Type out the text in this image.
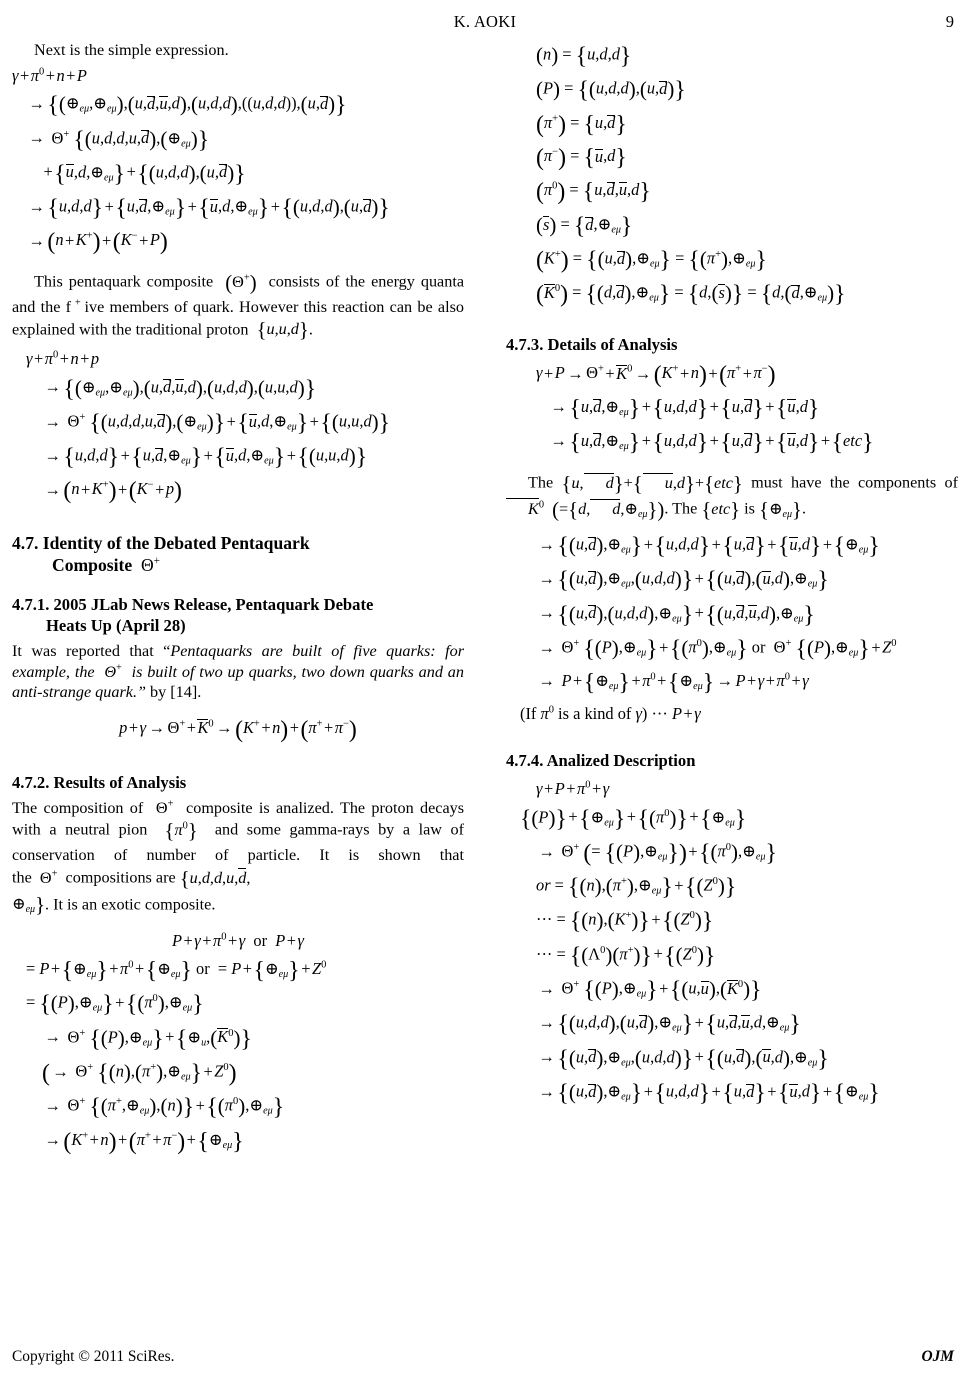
K. AOKI	9

Next is the simple expression.

$\gamma+\pi^0+n+P$
→ $\{(\oplus_{e\mu},\oplus_{e\mu}),(u,d,u,d),(u,d,d),((u,d,d)),(u,d)\}$
→ Θ+ $\{(u,d,d,u,d),(\oplus_{e\mu})\}$
$+\{u,d,\oplus_{e\mu}\}+\{(u,d,d),(u,d)\}$
→ $\{u,d,d\}+\{u,d,\oplus_{e\mu}\}+\{u,d,\oplus_{e\mu}\}+\{(u,d,d),(u,d)\}$
→ (n+K+)+(K−+P)

This pentaquark composite (Θ+) consists of the energy quanta and the f + ive members of quark. However this reaction can be also explained with the traditional proton {u,u,d}.

$\gamma+\pi^0+n+p$
→ $\{(\oplus_{e\mu},\oplus_{e\mu}),(u,d,u,d),(u,d,d),(u,u,d)\}$
→ Θ+ $\{(u,d,d,u,d),(\oplus_{e\mu})\}+\{u,d,\oplus_{e\mu}\}+\{(u,u,d)\}$
→ $\{u,d,d\}+\{u,d,\oplus_{e\mu}\}+\{u,d,\oplus_{e\mu}\}+\{(u,u,d)\}$
→ (n+K+)+(K−+p)
4.7. Identity of the Debated Pentaquark
Composite  Θ+
4.7.1. 2005 JLab News Release, Pentaquark Debate
Heats Up (April 28)

It was reported that “Pentaquarks are built of five quarks: for example, the  Θ+ is built of two up quarks, two down quarks and an anti-strange quark.” by [14].

$p+\gamma \to \Theta^++K^0 \to (K^++n)+(\pi^++\pi^-)$
4.7.2. Results of Analysis

The composition of  Θ+ composite is analized. The proton decays with a neutral pion $\{\pi^0\}$ and some gamma-rays by a law of conservation of number of particle. It is shown that the  Θ+ compositions are {u,d,d,u,d,
$\oplus_{e\mu}$}. It is an exotic composite.

$P+\gamma+\pi^0+\gamma$  or  P+γ
= $P+\{\oplus_{e\mu}\}+\pi^0+\{\oplus_{e\mu}\}$ or  = $P+\{\oplus_{e\mu}\}+Z^0$
= $\{(P),\oplus_{e\mu}\}+\{(\pi^0),\oplus_{e\mu}\}$
→ Θ+ $\{(P),\oplus_{e\mu}\}+\{\oplus_u,(K^0)\}$
( → Θ+ $\{(n),(\pi^+),\oplus_{e\mu}\}+Z^0$)
→ Θ+ $\{(\pi^+,\oplus_{e\mu}),(n)\}+\{(\pi^0),\oplus_{e\mu}\}$
→ $(K^++n)+(\pi^++\pi^-)+\{\oplus_{e\mu}\}$
(n) = {u,d,d}
(P) = {(u,d,d),(u,d)}
(π+) = {u,d}
(π−) = {u,d}
$(\pi^0) = \{u,d,u,d\}$
$(s) = \{d,\oplus_{e\mu}\}$
$(K^+) = \{(u,d),\oplus_{e\mu}\}$ = $\{(\pi^+),\oplus_{e\mu}\}$
$(K^0)$ = $\{(d,d),\oplus_{e\mu}\} = \{d,(s)\}$ = $\{d,(d,\oplus_{e\mu})\}$
4.7.3. Details of Analysis
$\gamma+P \to \Theta^++K^0 \to (K^++n)+(\pi^++\pi^-)$
→ $\{u,d,\oplus_{e\mu}\}+\{u,d,d\}+\{u,d\}+\{u,d\}$
→ $\{u,d,\oplus_{e\mu}\}+\{u,d,d\}+\{u,d\}+\{u,d\}+\{etc\}$

The {u, d}+{ u,d}+{etc} must have the components of $K^0$ (={d, $d,\oplus_{e\mu}$}). The {etc} is $\{\oplus_{e\mu}\}$.

→ $\{(u,d),\oplus_{e\mu}\}+\{u,d,d\}+\{u,d\}+\{u,d\}+\{\oplus_{e\mu}\}$
→ $\{(u,d),\oplus_{e\mu},(u,d,d)\}+\{(u,d),(u,d),\oplus_{e\mu}\}$
→ $\{(u,d),(u,d,d),\oplus_{e\mu}\}+\{(u,d,u,d),\oplus_{e\mu}\}$
→ Θ+ $\{(P),\oplus_{e\mu}\}+\{(\pi^0),\oplus_{e\mu}\}$ or  Θ+ $\{(P),\oplus_{e\mu}\}+Z^0$
→ $P+\{\oplus_{e\mu}\}+\pi^0+\{\oplus_{e\mu}\} \to P+\gamma+\pi^0+\gamma$
(If $\pi^0$ is a kind of γ) ··· P+γ
4.7.4. Analized Description
$\gamma+P+\pi^0+\gamma$
$\{(P)\}+\{\oplus_{e\mu}\}+\{(\pi^0)\}+\{\oplus_{e\mu}\}$
→ Θ+ (= $\{(P),\oplus_{e\mu}\})+\{(\pi^0),\oplus_{e\mu}\}$
or = $\{(n),(\pi^+),\oplus_{e\mu}\}+\{(Z^0)\}$
··· = $\{(n),(K^+)\}+\{(Z^0)\}$
··· = $\{(\Lambda^0)(\pi^+)\}+\{(Z^0)\}$
→ Θ+ $\{(P),\oplus_{e\mu}\}+\{(u,u),(K^0)\}$
→ $\{(u,d,d),(u,d),\oplus_{e\mu}\}+\{u,d,u,d,\oplus_{e\mu}\}$
→ $\{(u,d),\oplus_{e\mu},(u,d,d)\}+\{(u,d),(u,d),\oplus_{e\mu}\}$
→ $\{(u,d),\oplus_{e\mu}\}+\{u,d,d\}+\{u,d\}+\{u,d\}+\{\oplus_{e\mu}\}$
Copyright © 2011 SciRes.	OJM
